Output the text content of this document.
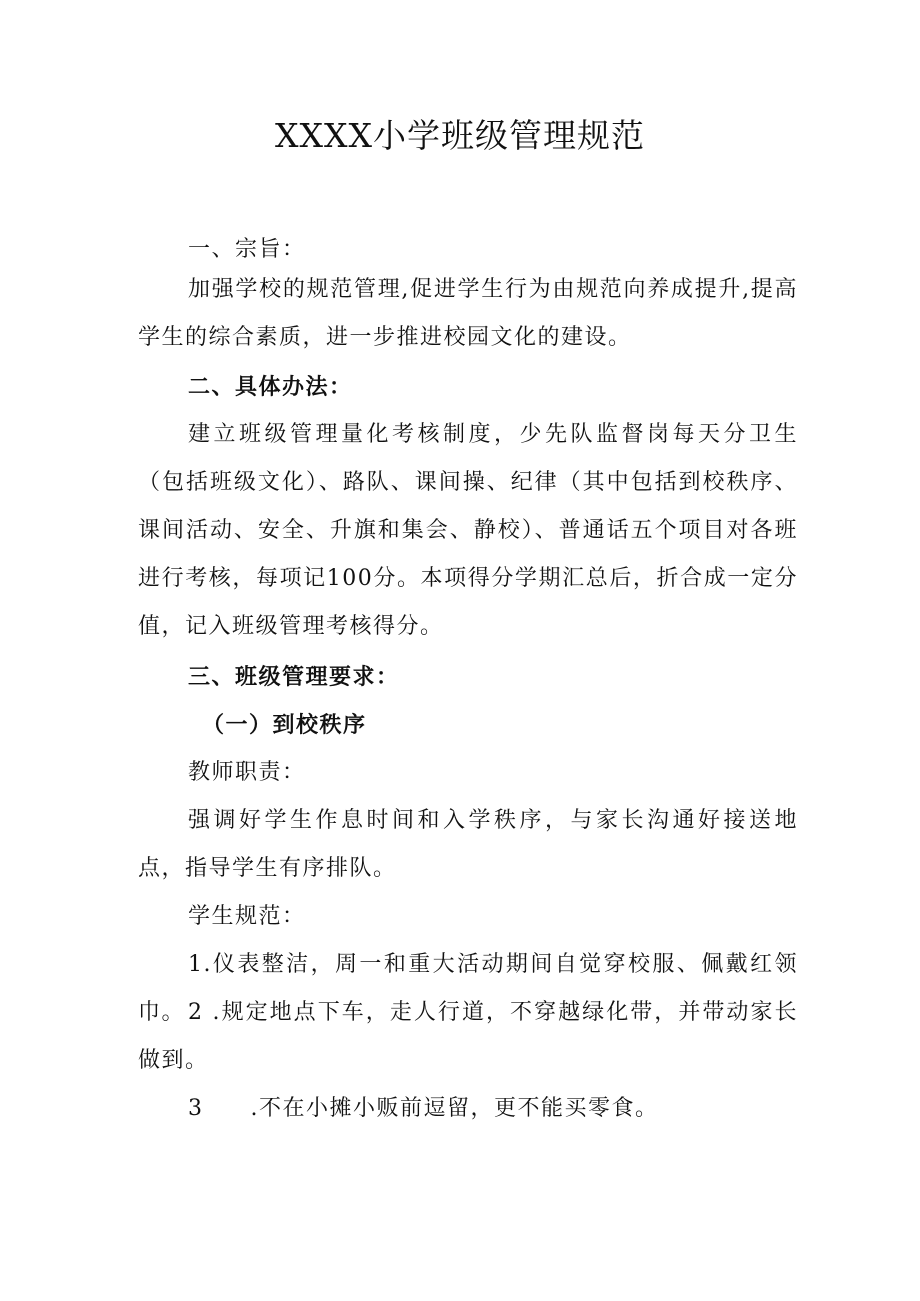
XXXX小学班级管理规范

一、宗旨：

加强学校的规范管理,促进学生行为由规范向养成提升,提高学生的综合素质，进一步推进校园文化的建设。

二、具体办法：

建立班级管理量化考核制度，少先队监督岗每天分卫生（包括班级文化）、路队、课间操、纪律（其中包括到校秩序、课间活动、安全、升旗和集会、静校）、普通话五个项目对各班进行考核，每项记100分。本项得分学期汇总后，折合成一定分值，记入班级管理考核得分。

三、班级管理要求：

（一）到校秩序

教师职责：

强调好学生作息时间和入学秩序，与家长沟通好接送地点，指导学生有序排队。

学生规范：

1.仪表整洁，周一和重大活动期间自觉穿校服、佩戴红领巾。 2 .规定地点下车，走人行道，不穿越绿化带，并带动家长做到。

3　　.不在小摊小贩前逗留，更不能买零食。
